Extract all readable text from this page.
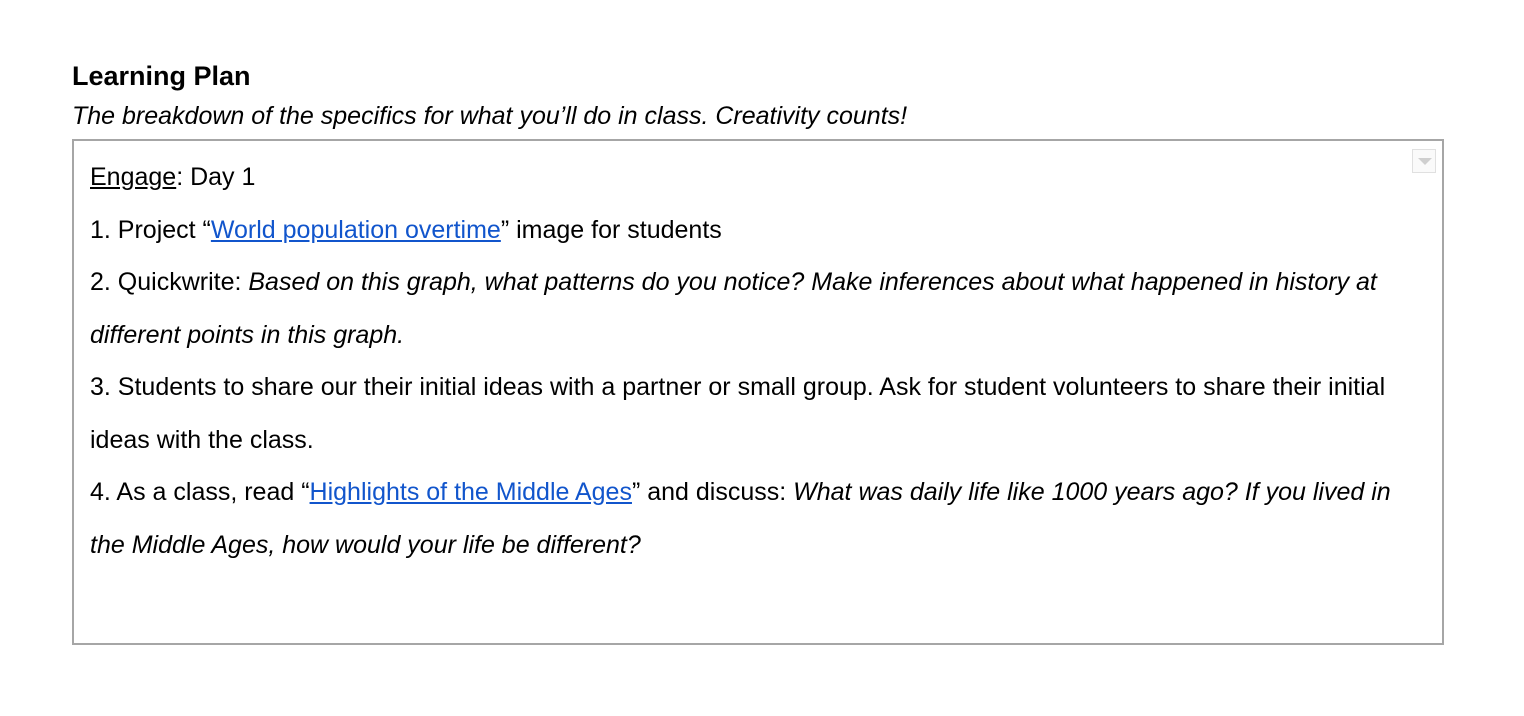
Learning Plan
The breakdown of the specifics for what you’ll do in class. Creativity counts!

Engage: Day 1

1. Project “World population overtime” image for students

2. Quickwrite: Based on this graph, what patterns do you notice? Make inferences about what happened in history at different points in this graph.

3. Students to share our their initial ideas with a partner or small group. Ask for student volunteers to share their initial ideas with the class.

4. As a class, read “Highlights of the Middle Ages” and discuss: What was daily life like 1000 years ago? If you lived in the Middle Ages, how would your life be different?
